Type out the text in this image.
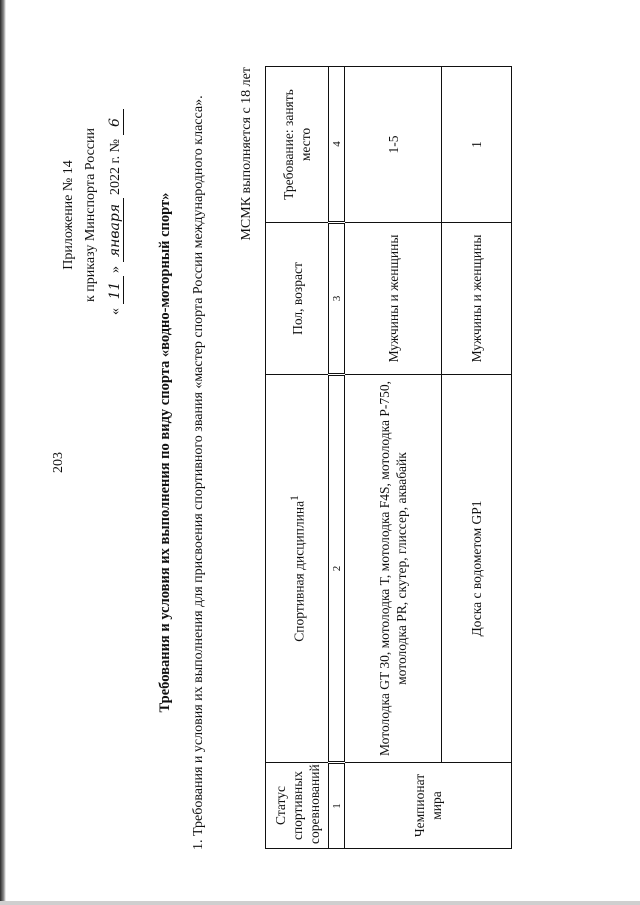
203
Приложение № 14 к приказу Минспорта России
« 11 » января 2022 г. № 6
Требования и условия их выполнения по виду спорта «водно-моторный спорт» 1. Требования и условия их выполнения для присвоения спортивного звания «мастер спорта России международного класса». МСМК выполняется с 18 лет
Статус спортивных соревнований	Спортивная дисциплина$^1$	Пол, возраст	Требование: занять место
1	2	3	4
Чемпионат мира	Мотолодка GT 30, мотолодка T, мотолодка F4S, мотолодка P-750, мотолодка PR, скутер, глиссер, аквабайк	Мужчины и женщины	1-5
	Доска с водометом GP1	Мужчины и женщины	1
